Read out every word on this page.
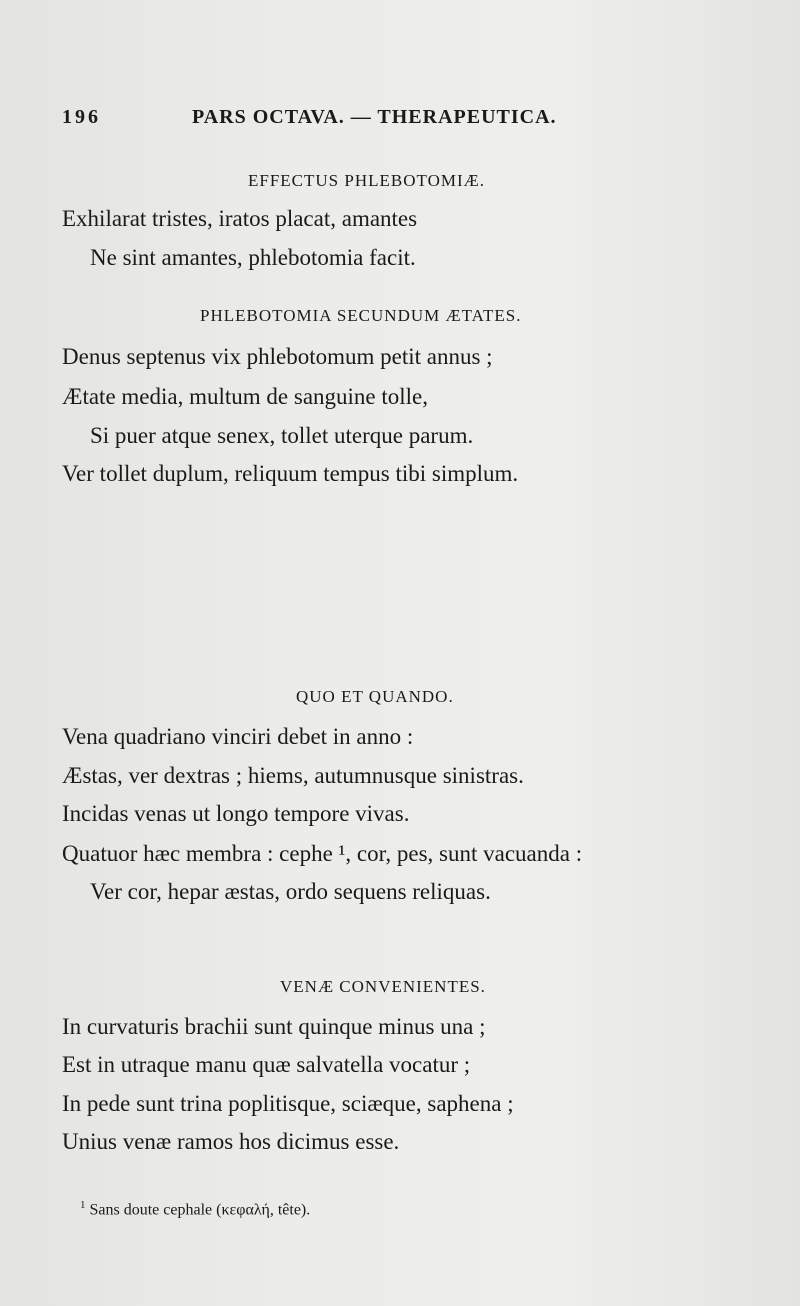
196	PARS OCTAVA. — THERAPEUTICA.
EFFECTUS PHLEBOTOMIÆ.
Exhilarat tristes, iratos placat, amantes
Ne sint amantes, phlebotomia facit.
PHLEBOTOMIA SECUNDUM ÆTATES.
Denus septenus vix phlebotomum petit annus ;
Ætate media, multum de sanguine tolle,
Si puer atque senex, tollet uterque parum.
Ver tollet duplum, reliquum tempus tibi simplum.
QUO ET QUANDO.
Vena quadriano vinciri debet in anno :
Æstas, ver dextras ; hiems, autumnusque sinistras.
Incidas venas ut longo tempore vivas.
Quatuor hæc membra : cephe ¹, cor, pes, sunt vacuanda :
Ver cor, hepar æstas, ordo sequens reliquas.
VENÆ CONVENIENTES.
In curvaturis brachii sunt quinque minus una ;
Est in utraque manu quæ salvatella vocatur ;
In pede sunt trina poplitisque, sciæque, saphena ;
Unius venæ ramos hos dicimus esse.
$^1$ Sans doute cephale (κεφαλή, tête).
